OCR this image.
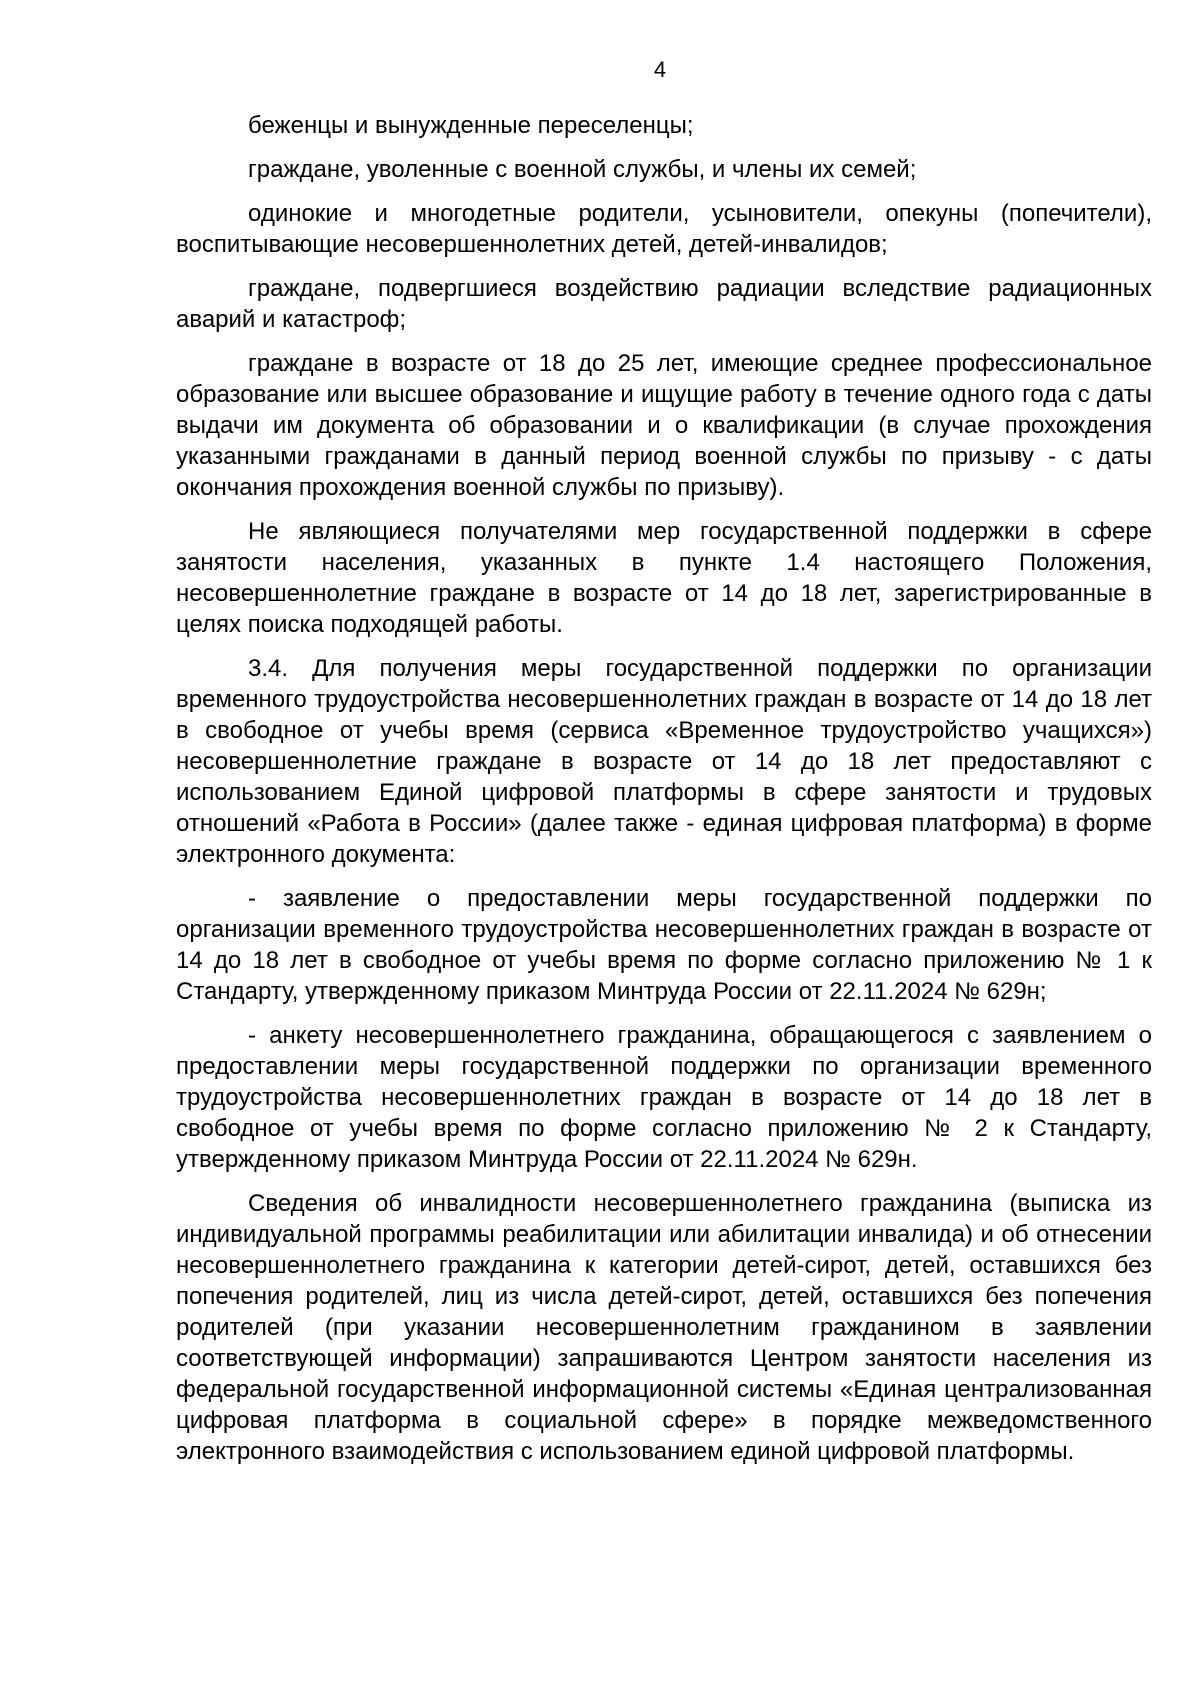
4

беженцы и вынужденные переселенцы;

граждане, уволенные с военной службы, и члены их семей;

одинокие и многодетные родители, усыновители, опекуны (попечители), воспитывающие несовершеннолетних детей, детей-инвалидов;

граждане, подвергшиеся воздействию радиации вследствие радиационных аварий и катастроф;

граждане в возрасте от 18 до 25 лет, имеющие среднее профессиональное образование или высшее образование и ищущие работу в течение одного года с даты выдачи им документа об образовании и о квалификации (в случае прохождения указанными гражданами в данный период военной службы по призыву - с даты окончания прохождения военной службы по призыву).

Не являющиеся получателями мер государственной поддержки в сфере занятости населения, указанных в пункте 1.4 настоящего Положения, несовершеннолетние граждане в возрасте от 14 до 18 лет, зарегистрированные в целях поиска подходящей работы.

3.4. Для получения меры государственной поддержки по организации временного трудоустройства несовершеннолетних граждан в возрасте от 14 до 18 лет в свободное от учебы время (сервиса «Временное трудоустройство учащихся») несовершеннолетние граждане в возрасте от 14 до 18 лет предоставляют с использованием Единой цифровой платформы в сфере занятости и трудовых отношений «Работа в России» (далее также - единая цифровая платформа) в форме электронного документа:

- заявление о предоставлении меры государственной поддержки по организации временного трудоустройства несовершеннолетних граждан в возрасте от 14 до 18 лет в свободное от учебы время по форме согласно приложению № 1 к Стандарту, утвержденному приказом Минтруда России от 22.11.2024 № 629н;

- анкету несовершеннолетнего гражданина, обращающегося с заявлением о предоставлении меры государственной поддержки по организации временного трудоустройства несовершеннолетних граждан в возрасте от 14 до 18 лет в свободное от учебы время по форме согласно приложению № 2 к Стандарту, утвержденному приказом Минтруда России от 22.11.2024 № 629н.

Сведения об инвалидности несовершеннолетнего гражданина (выписка из индивидуальной программы реабилитации или абилитации инвалида) и об отнесении несовершеннолетнего гражданина к категории детей-сирот, детей, оставшихся без попечения родителей, лиц из числа детей-сирот, детей, оставшихся без попечения родителей (при указании несовершеннолетним гражданином в заявлении соответствующей информации) запрашиваются Центром занятости населения из федеральной государственной информационной системы «Единая централизованная цифровая платформа в социальной сфере» в порядке межведомственного электронного взаимодействия с использованием единой цифровой платформы.
